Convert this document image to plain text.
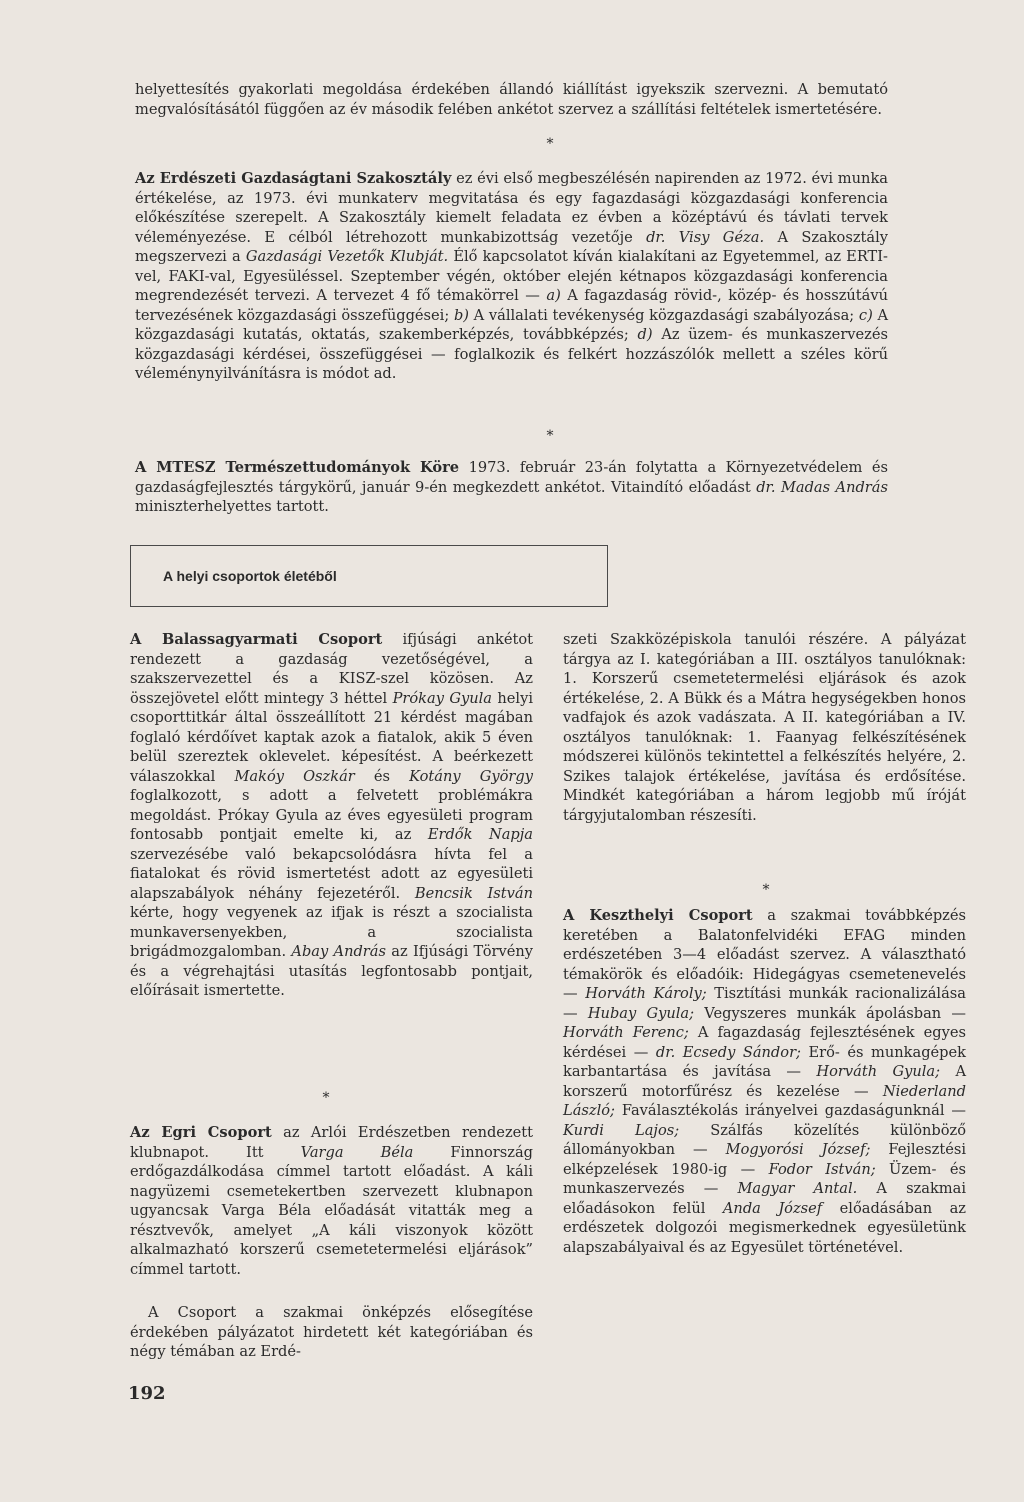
helyettesítés gyakorlati megoldása érdekében állandó kiállítást igyekszik szervezni. A bemutató megvalósításától függően az év második felében ankétot szervez a szállítási feltételek ismertetésére.

*

Az Erdészeti Gazdaságtani Szakosztály ez évi első megbeszélésén napirenden az 1972. évi munka értékelése, az 1973. évi munkaterv megvitatása és egy fagazdasági közgazdasági konferencia előkészítése szerepelt. A Szakosztály kiemelt feladata ez évben a középtávú és távlati tervek véleményezése. E célból létrehozott munkabizottság vezetője dr. Visy Géza. A Szakosztály megszervezi a Gazdasági Vezetők Klubját. Élő kapcsolatot kíván kialakítani az Egyetemmel, az ERTI-vel, FAKI-val, Egyesüléssel. Szeptember végén, október elején kétnapos közgazdasági konferencia megrendezését tervezi. A tervezet 4 fő témakörrel — a) A fagazdaság rövid-, közép- és hosszútávú tervezésének közgazdasági összefüggései; b) A vállalati tevékenység közgazdasági szabályozása; c) A közgazdasági kutatás, oktatás, szakemberképzés, továbbképzés; d) Az üzem- és munkaszervezés közgazdasági kérdései, összefüggései — foglalkozik és felkért hozzászólók mellett a széles körű véleménynyilvánításra is módot ad.

*

A MTESZ Természettudományok Köre 1973. február 23-án folytatta a Környezetvédelem és gazdaságfejlesztés tárgykörű, január 9-én megkezdett ankétot. Vitaindító előadást dr. Madas András miniszterhelyettes tartott.

A helyi csoportok életéből

A Balassagyarmati Csoport ifjúsági ankétot rendezett a gazdaság vezetőségével, a szakszervezettel és a KISZ-szel közösen. Az összejövetel előtt mintegy 3 héttel Prókay Gyula helyi csoporttitkár által összeállított 21 kérdést magában foglaló kérdőívet kaptak azok a fiatalok, akik 5 éven belül szereztek oklevelet. képesítést. A beérkezett válaszokkal Makóy Oszkár és Kotány György foglalkozott, s adott a felvetett problémákra megoldást. Prókay Gyula az éves egyesületi program fontosabb pontjait emelte ki, az Erdők Napja szervezésébe való bekapcsolódásra hívta fel a fiatalokat és rövid ismertetést adott az egyesületi alapszabályok néhány fejezetéről. Bencsik István kérte, hogy vegyenek az ifjak is részt a szocialista munkaversenyekben, a szocialista brigádmozgalomban. Abay András az Ifjúsági Törvény és a végrehajtási utasítás legfontosabb pontjait, előírásait ismertette.

*

Az Egri Csoport az Arlói Erdészetben rendezett klubnapot. Itt Varga Béla Finnország erdőgazdálkodása címmel tartott előadást. A káli nagyüzemi csemetekertben szervezett klubnapon ugyancsak Varga Béla előadását vitatták meg a résztvevők, amelyet „A káli viszonyok között alkalmazható korszerű csemetetermelési eljárások” címmel tartott.

A Csoport a szakmai önképzés elősegítése érdekében pályázatot hirdetett két kategóriában és négy témában az Erdé-

szeti Szakközépiskola tanulói részére. A pályázat tárgya az I. kategóriában a III. osztályos tanulóknak: 1. Korszerű csemetetermelési eljárások és azok értékelése, 2. A Bükk és a Mátra hegységekben honos vadfajok és azok vadászata. A II. kategóriában a IV. osztályos tanulóknak: 1. Faanyag felkészítésének módszerei különös tekintettel a felkészítés helyére, 2. Szikes talajok értékelése, javítása és erdősítése. Mindkét kategóriában a három legjobb mű íróját tárgyjutalomban részesíti.

*

A Keszthelyi Csoport a szakmai továbbképzés keretében a Balatonfelvidéki EFAG minden erdészetében 3—4 előadást szervez. A választható témakörök és előadóik: Hidegágyas csemetenevelés — Horváth Károly; Tisztítási munkák racionalizálása — Hubay Gyula; Vegyszeres munkák ápolásban — Horváth Ferenc; A fagazdaság fejlesztésének egyes kérdései — dr. Ecsedy Sándor; Erő- és munkagépek karbantartása és javítása — Horváth Gyula; A korszerű motorfűrész és kezelése — Niederland László; Faválasztékolás irányelvei gazdaságunknál — Kurdi Lajos; Szálfás közelítés különböző állományokban — Mogyorósi József; Fejlesztési elképzelések 1980-ig — Fodor István; Üzem- és munkaszervezés — Magyar Antal. A szakmai előadásokon felül Anda József előadásában az erdészetek dolgozói megismerkednek egyesületünk alapszabályaival és az Egyesület történetével.

192
